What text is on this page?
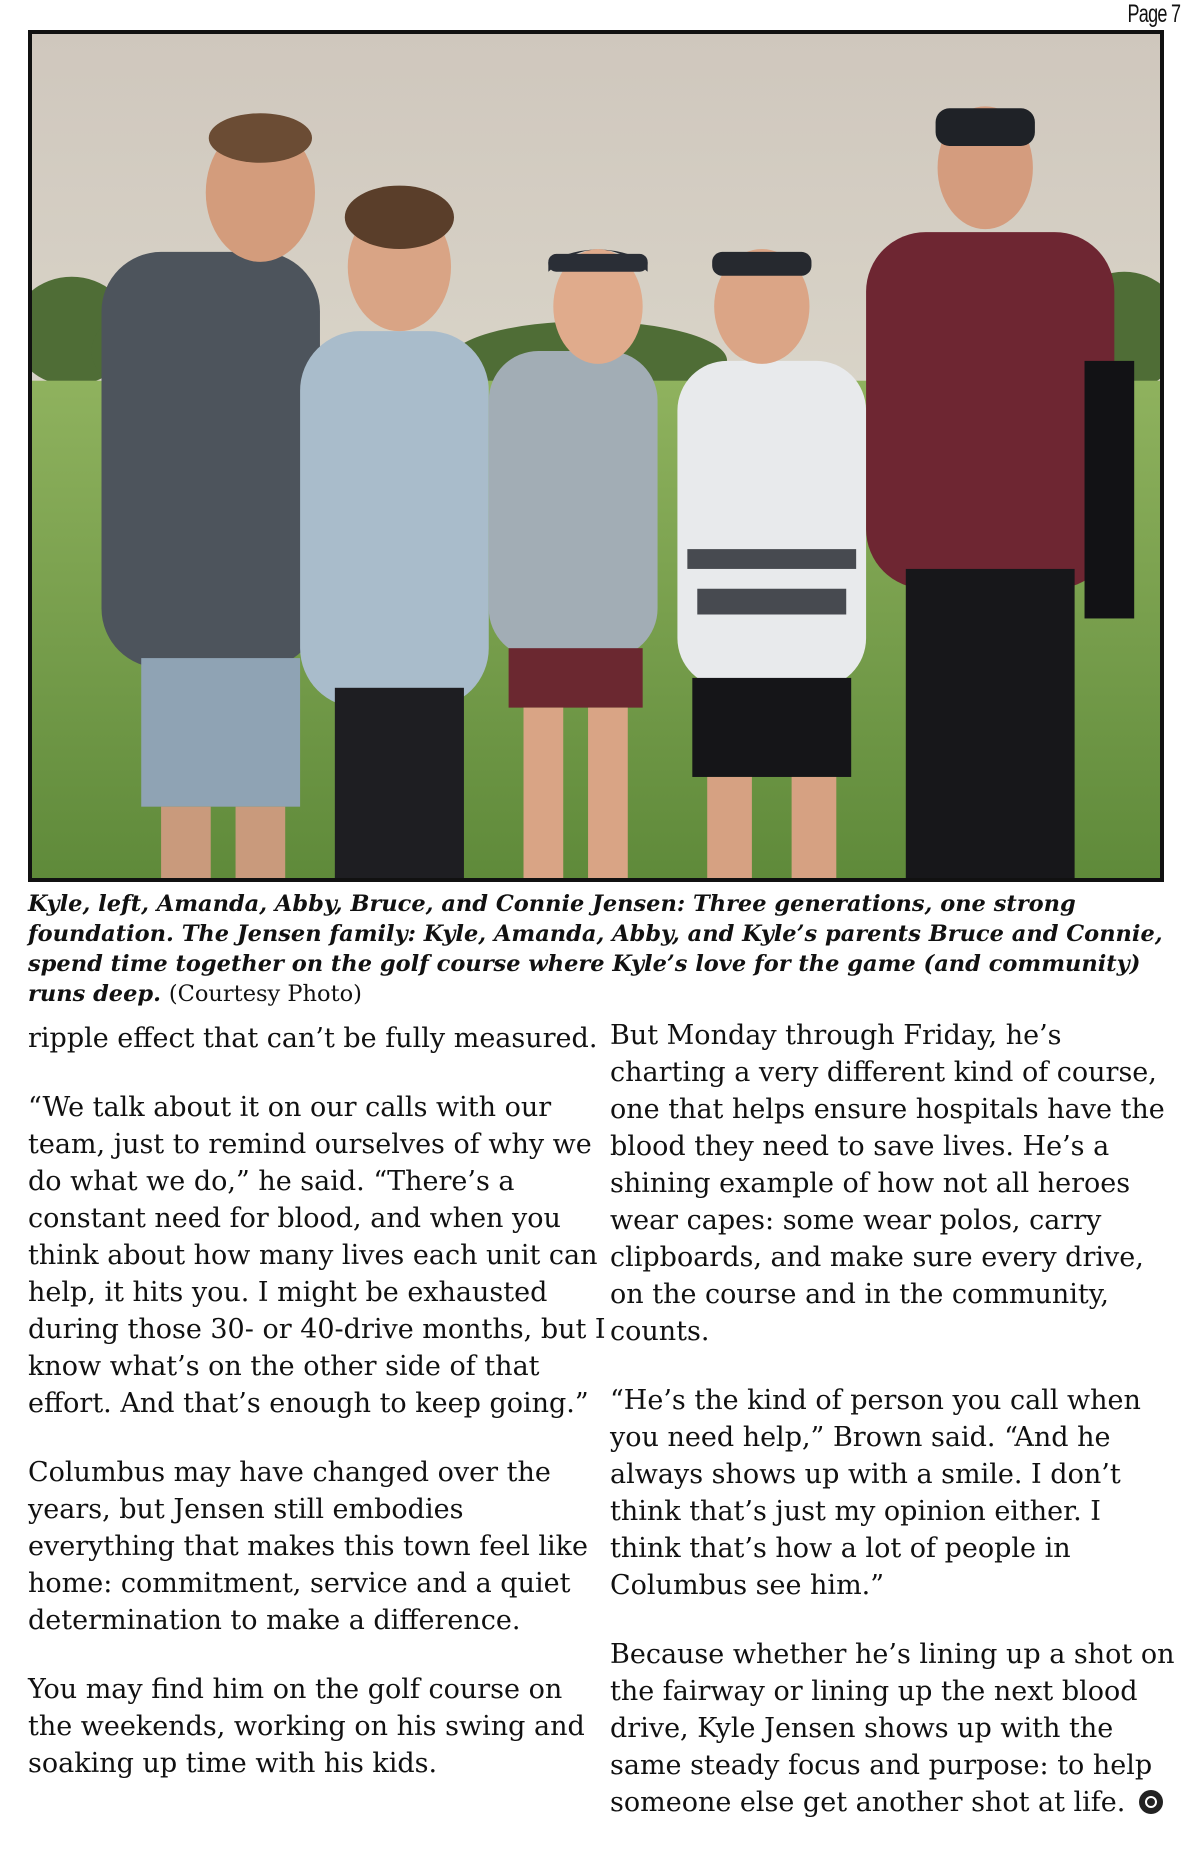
Page 7
Kyle, left, Amanda, Abby, Bruce, and Connie Jensen: Three generations, one strong foundation. The Jensen family: Kyle, Amanda, Abby, and Kyle’s parents Bruce and Connie, spend time together on the golf course where Kyle’s love for the game (and community) runs deep. (Courtesy Photo)

ripple effect that can’t be fully measured.

“We talk about it on our calls with our team, just to remind ourselves of why we do what we do,” he said. “There’s a constant need for blood, and when you think about how many lives each unit can help, it hits you. I might be exhausted during those 30- or 40-drive months, but I know what’s on the other side of that effort. And that’s enough to keep going.”

Columbus may have changed over the years, but Jensen still embodies everything that makes this town feel like home: commitment, service and a quiet determination to make a difference.

You may find him on the golf course on the weekends, working on his swing and soaking up time with his kids.

But Monday through Friday, he’s charting a very different kind of course, one that helps ensure hospitals have the blood they need to save lives. He’s a shining example of how not all heroes wear capes: some wear polos, carry clipboards, and make sure every drive, on the course and in the community, counts.

“He’s the kind of person you call when you need help,” Brown said. “And he always shows up with a smile. I don’t think that’s just my opinion either. I think that’s how a lot of people in Columbus see him.”

Because whether he’s lining up a shot on the fairway or lining up the next blood drive, Kyle Jensen shows up with the same steady focus and purpose: to help someone else get another shot at life.
